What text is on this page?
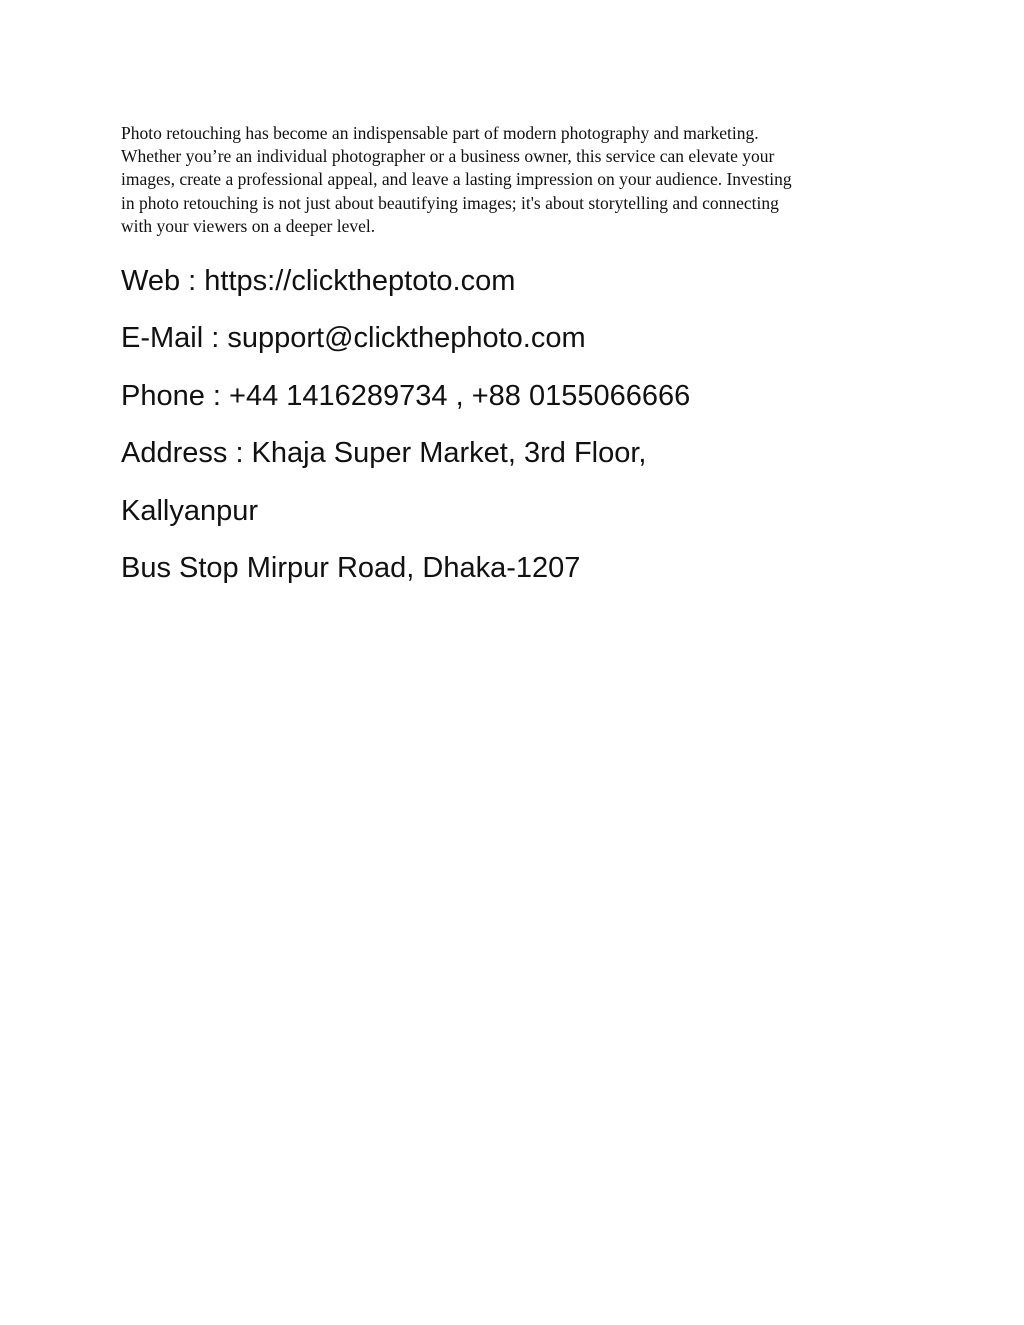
Photo retouching has become an indispensable part of modern photography and marketing.
Whether you’re an individual photographer or a business owner, this service can elevate your
images, create a professional appeal, and leave a lasting impression on your audience. Investing
in photo retouching is not just about beautifying images; it's about storytelling and connecting
with your viewers on a deeper level.

Web : https://clicktheptoto.com
E-Mail : support@clickthephoto.com
Phone : +44 1416289734 , +88 0155066666
Address : Khaja Super Market, 3rd Floor,
Kallyanpur
Bus Stop Mirpur Road, Dhaka-1207
